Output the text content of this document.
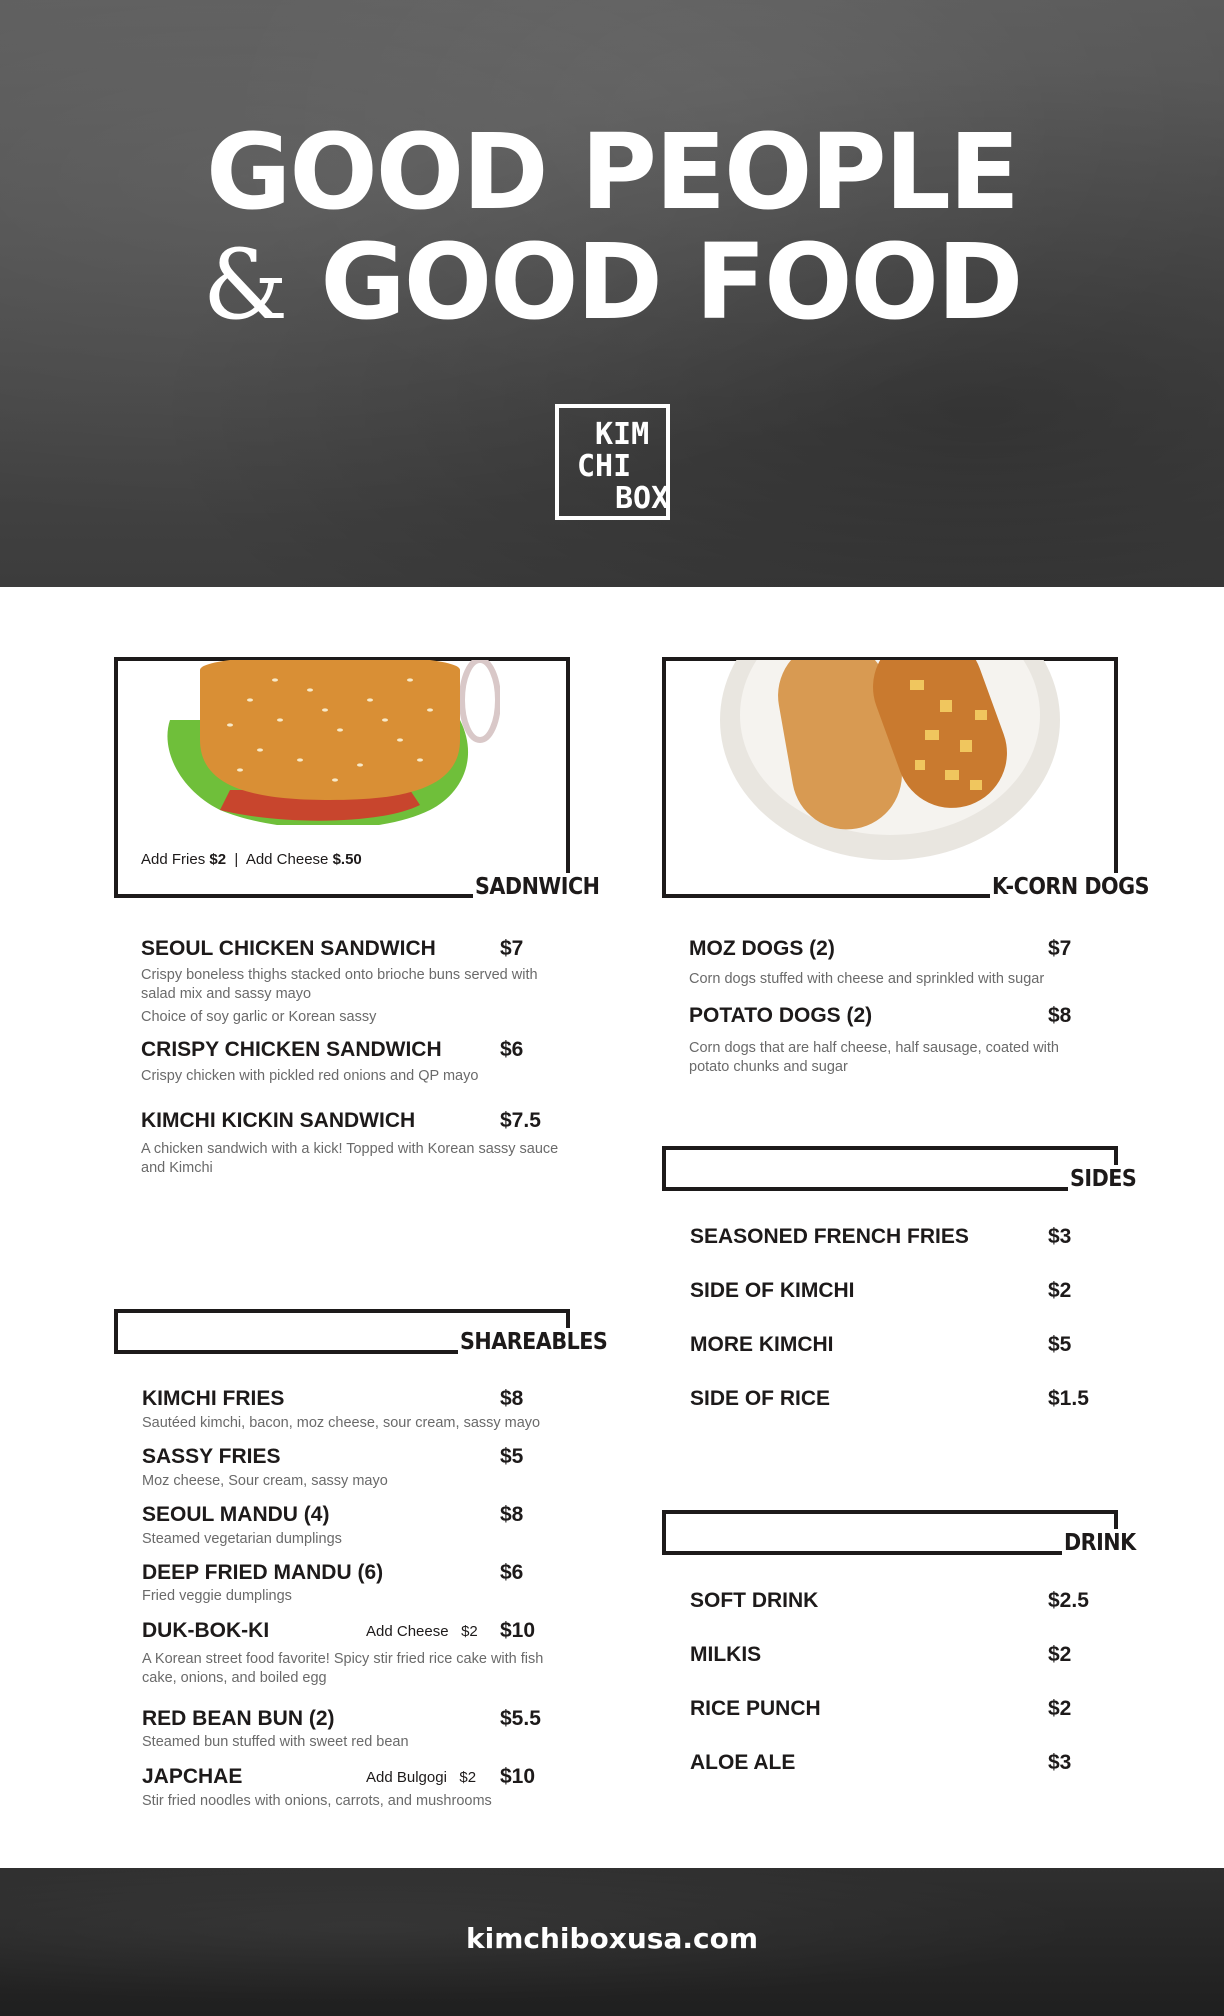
GOOD PEOPLE
& GOOD FOOD
KIM
CHI
BOX
Add Fries $2 | Add Cheese $.50
SADNWICH
SEOUL CHICKEN SANDWICH	$7
Crispy boneless thighs stacked onto brioche buns served with salad mix and sassy mayo
Choice of soy garlic or Korean sassy
CRISPY CHICKEN SANDWICH	$6
Crispy chicken with pickled red onions and QP mayo
KIMCHI KICKIN SANDWICH	$7.5
A chicken sandwich with a kick! Topped with Korean sassy sauce and Kimchi
K-CORN DOGS
MOZ DOGS (2)	$7
Corn dogs stuffed with cheese and sprinkled with sugar
POTATO DOGS (2)	$8
Corn dogs that are half cheese, half sausage, coated with potato chunks and sugar
SIDES
SEASONED FRENCH FRIES	$3
SIDE OF KIMCHI	$2
MORE KIMCHI	$5
SIDE OF RICE	$1.5
SHAREABLES
KIMCHI FRIES	$8
Sautéed kimchi, bacon, moz cheese, sour cream, sassy mayo
SASSY FRIES	$5
Moz cheese, Sour cream, sassy mayo
SEOUL MANDU (4)	$8
Steamed vegetarian dumplings
DEEP FRIED MANDU (6)	$6
Fried veggie dumplings
DUK-BOK-KI	Add Cheese $2 $10
A Korean street food favorite! Spicy stir fried rice cake with fish cake, onions, and boiled egg
RED BEAN BUN (2)	$5.5
Steamed bun stuffed with sweet red bean
JAPCHAE	Add Bulgogi $2 $10
Stir fried noodles with onions, carrots, and mushrooms
DRINK
SOFT DRINK	$2.5
MILKIS	$2
RICE PUNCH	$2
ALOE ALE	$3
kimchiboxusa.com
